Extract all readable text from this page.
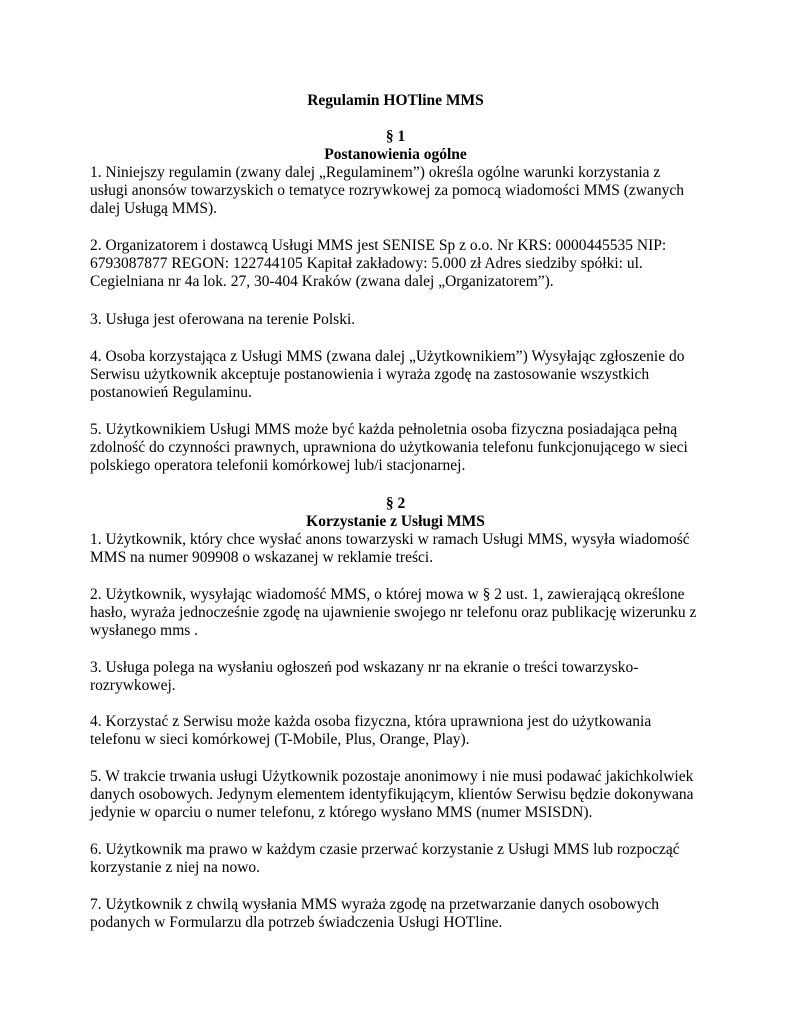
Regulamin HOTline MMS
§ 1
Postanowienia ogólne

1. Niniejszy regulamin (zwany dalej „Regulaminem”) określa ogólne warunki korzystania z
usługi anonsów towarzyskich o tematyce rozrywkowej za pomocą wiadomości MMS (zwanych
dalej Usługą MMS).

2. Organizatorem i dostawcą Usługi MMS jest SENISE Sp z o.o. Nr KRS: 0000445535 NIP:
6793087877 REGON: 122744105 Kapitał zakładowy: 5.000 zł Adres siedziby spółki: ul.
Cegielniana nr 4a lok. 27, 30-404 Kraków (zwana dalej „Organizatorem”).

3. Usługa jest oferowana na terenie Polski.

4. Osoba korzystająca z Usługi MMS (zwana dalej „Użytkownikiem”) Wysyłając zgłoszenie do
Serwisu użytkownik akceptuje postanowienia i wyraża zgodę na zastosowanie wszystkich
postanowień Regulaminu.

5. Użytkownikiem Usługi MMS może być każda pełnoletnia osoba fizyczna posiadająca pełną
zdolność do czynności prawnych, uprawniona do użytkowania telefonu funkcjonującego w sieci
polskiego operatora telefonii komórkowej lub/i stacjonarnej.

§ 2
Korzystanie z Usługi MMS

1. Użytkownik, który chce wysłać anons towarzyski w ramach Usługi MMS, wysyła wiadomość
MMS na numer 909908 o wskazanej w reklamie treści.

2. Użytkownik, wysyłając wiadomość MMS, o której mowa w § 2 ust. 1, zawierającą określone
hasło, wyraża jednocześnie zgodę na ujawnienie swojego nr telefonu oraz publikację wizerunku z
wysłanego mms .

3. Usługa polega na wysłaniu ogłoszeń pod wskazany nr na ekranie o treści towarzysko-
rozrywkowej.

4. Korzystać z Serwisu może każda osoba fizyczna, która uprawniona jest do użytkowania
telefonu w sieci komórkowej (T-Mobile, Plus, Orange, Play).

5. W trakcie trwania usługi Użytkownik pozostaje anonimowy i nie musi podawać jakichkolwiek
danych osobowych. Jedynym elementem identyfikującym, klientów Serwisu będzie dokonywana
jedynie w oparciu o numer telefonu, z którego wysłano MMS (numer MSISDN).

6. Użytkownik ma prawo w każdym czasie przerwać korzystanie z Usługi MMS lub rozpocząć
korzystanie z niej na nowo.

7. Użytkownik z chwilą wysłania MMS wyraża zgodę na przetwarzanie danych osobowych
podanych w Formularzu dla potrzeb świadczenia Usługi HOTline.
